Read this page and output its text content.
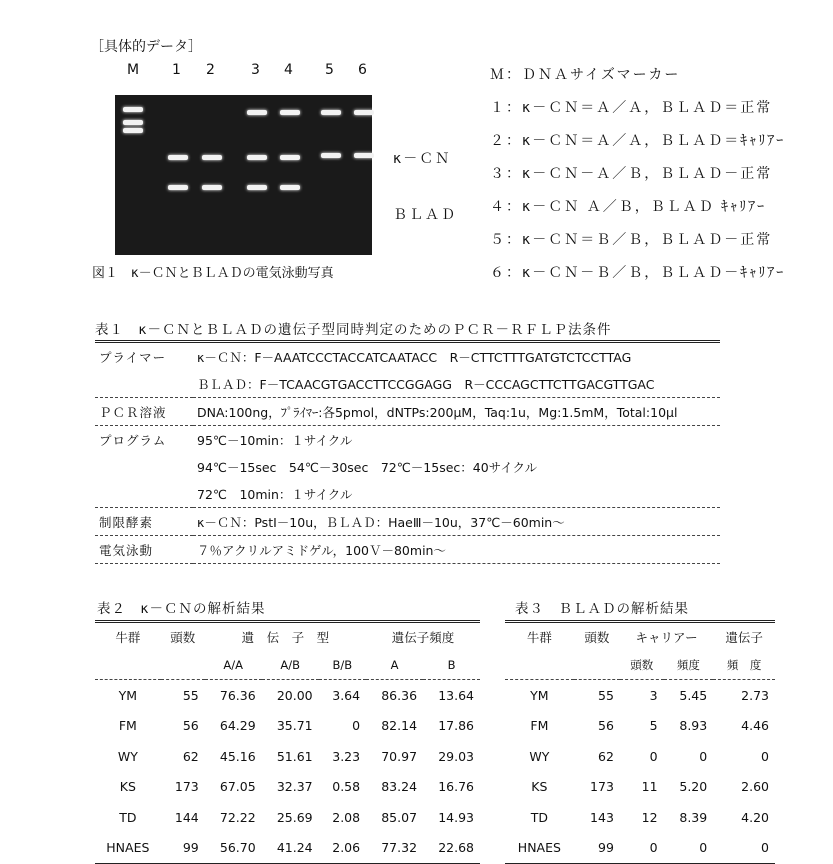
［具体的データ］
M 1 2	3 4 5 6
κ－ＣＮ
ＢＬＡＤ
Ｍ：ＤＮＡサイズマーカー
１：κ－ＣＮ＝Ａ／Ａ，ＢＬＡＤ＝正常
２：κ－ＣＮ＝Ａ／Ａ，ＢＬＡＤ＝ｷｬﾘｱｰ
３：κ－ＣＮ－Ａ／Ｂ，ＢＬＡＤ－正常
４：κ－ＣＮ Ａ／Ｂ，ＢＬＡＤ ｷｬﾘｱｰ
５：κ－ＣＮ＝Ｂ／Ｂ，ＢＬＡＤ－正常
６：κ－ＣＮ－Ｂ／Ｂ，ＢＬＡＤ－ｷｬﾘｱｰ
図１　κ－ＣＮとＢＬＡＤの電気泳動写真
表１　κ－ＣＮとＢＬＡＤの遺伝子型同時判定のためのＰＣＲ－ＲＦＬＰ法条件
プライマー	κ－ＣＮ：F－AAATCCCTACCATCAATACC　R－CTTCTTTGATGTCTCCTTAG
	ＢＬＡＤ：F－TCAACGTGACCTTCCGGAGG　R－CCCAGCTTCTTGACGTTGAC
ＰＣＲ溶液	DNA:100ng，ﾌﾟﾗｲﾏｰ:各5pmol，dNTPs:200μM，Taq:1u，Mg:1.5mM，Total:10μl
プログラム	95℃－10min：１サイクル
	94℃－15sec　54℃－30sec　72℃－15sec：40サイクル
	72℃　10min：１サイクル
制限酵素	κ－ＣＮ：PstⅠ－10u，ＢＬＡＤ：HaeⅢ－10u，37℃－60min～
電気泳動	７％アクリルアミドゲル，100Ｖ－80min～
表２　κ－ＣＮの解析結果
牛群	頭数	遺　伝　子　型			遺伝子頻度	
		A/A	A/B	B/B	A	B
YM	55	76.36	20.00	3.64	86.36	13.64
FM	56	64.29	35.71	0	82.14	17.86
WY	62	45.16	51.61	3.23	70.97	29.03
KS	173	67.05	32.37	0.58	83.24	16.76
TD	144	72.22	25.69	2.08	85.07	14.93
HNAES	99	56.70	41.24	2.06	77.32	22.68
表３　ＢＬＡＤの解析結果
牛群	頭数	キャリアー		遺伝子
		頭数	頻度	頻　度
YM	55	3	5.45	2.73
FM	56	5	8.93	4.46
WY	62	0	0	0
KS	173	11	5.20	2.60
TD	143	12	8.39	4.20
HNAES	99	0	0	0
